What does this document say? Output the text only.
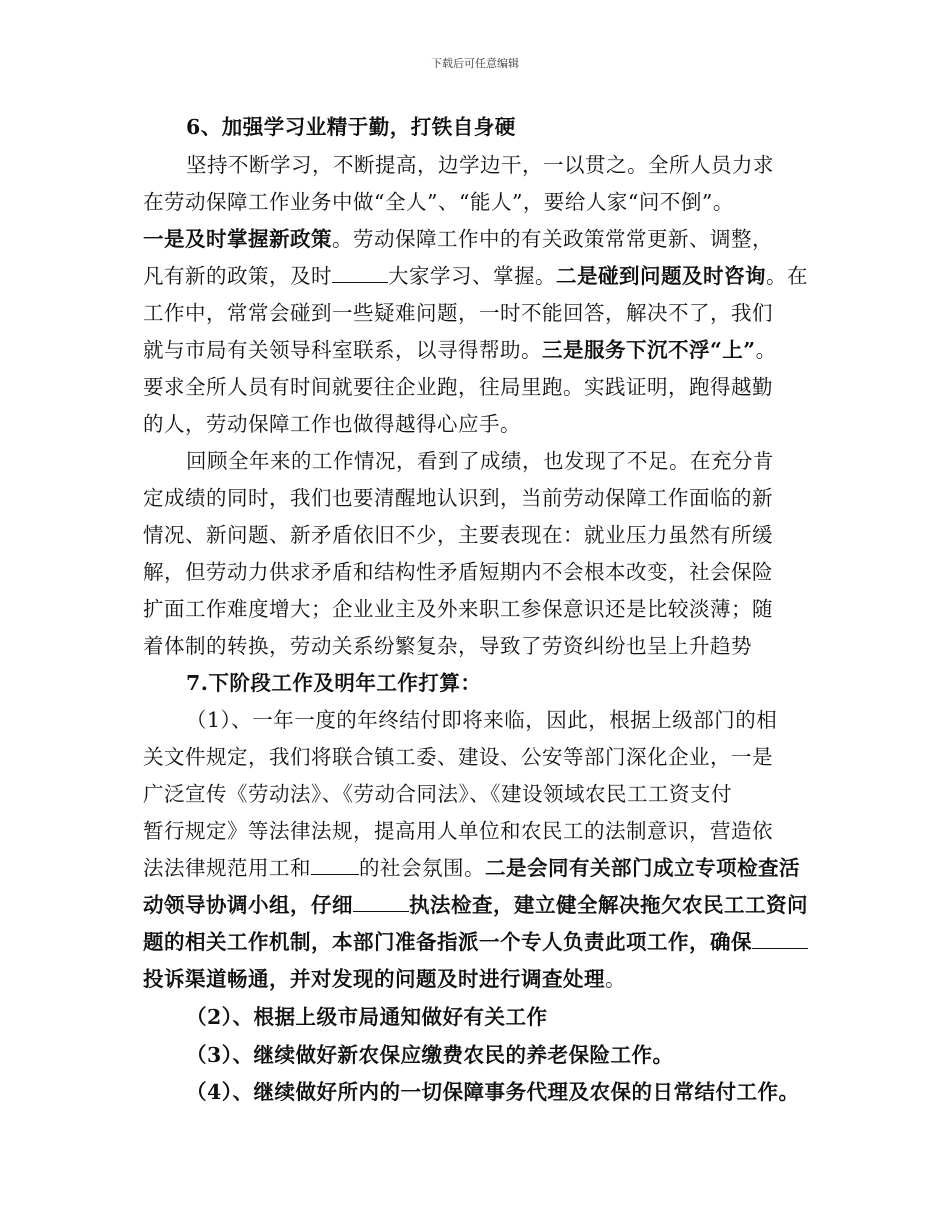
下载后可任意编辑
6、加强学习业精于勤，打铁自身硬
坚持不断学习，不断提高，边学边干，一以贯之。全所人员力求
在劳动保障工作业务中做“全人”、“能人”，要给人家“问不倒”。
一是及时掌握新政策。劳动保障工作中的有关政策常常更新、调整，
凡有新的政策，及时	大家学习、掌握。二是碰到问题及时咨询。在
工作中，常常会碰到一些疑难问题，一时不能回答，解决不了，我们
就与市局有关领导科室联系，以寻得帮助。三是服务下沉不浮“上”。
要求全所人员有时间就要往企业跑，往局里跑。实践证明，跑得越勤
的人，劳动保障工作也做得越得心应手。
回顾全年来的工作情况，看到了成绩，也发现了不足。在充分肯
定成绩的同时，我们也要清醒地认识到，当前劳动保障工作面临的新
情况、新问题、新矛盾依旧不少，主要表现在：就业压力虽然有所缓
解，但劳动力供求矛盾和结构性矛盾短期内不会根本改变，社会保险
扩面工作难度增大；企业业主及外来职工参保意识还是比较淡薄；随
着体制的转换，劳动关系纷繁复杂，导致了劳资纠纷也呈上升趋势
7.下阶段工作及明年工作打算：
（1）、一年一度的年终结付即将来临，因此，根据上级部门的相
关文件规定，我们将联合镇工委、建设、公安等部门深化企业，一是
广泛宣传《劳动法》、《劳动合同法》、《建设领域农民工工资支付
暂行规定》等法律法规，提高用人单位和农民工的法制意识，营造依
法法律规范用工和 的社会氛围。二是会同有关部门成立专项检查活
动领导协调小组，仔细	执法检查，建立健全解决拖欠农民工工资问
题的相关工作机制，本部门准备指派一个专人负责此项工作，确保
投诉渠道畅通，并对发现的问题及时进行调查处理。
（2）、根据上级市局通知做好有关工作
（3）、继续做好新农保应缴费农民的养老保险工作。
（4）、继续做好所内的一切保障事务代理及农保的日常结付工作。
